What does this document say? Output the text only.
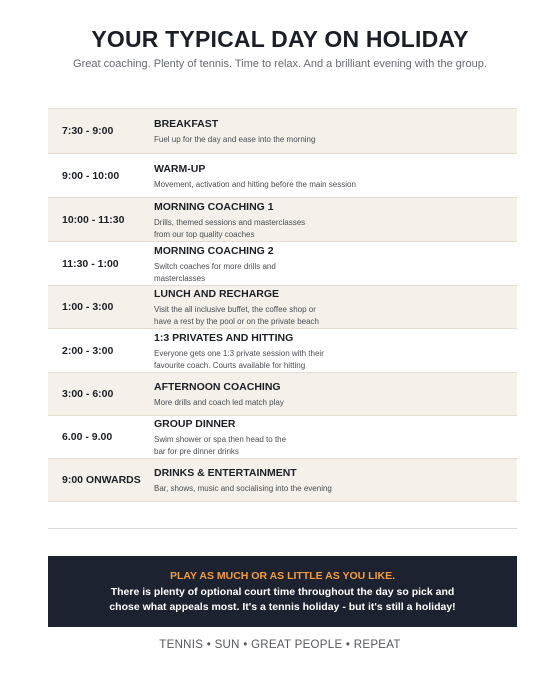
YOUR TYPICAL DAY ON HOLIDAY
Great coaching. Plenty of tennis. Time to relax. And a brilliant evening with the group.
7:30 - 9:00
BREAKFAST
Fuel up for the day and ease into the morning
9:00 - 10:00
WARM-UP
Movement, activation and hitting before the main session
10:00 - 11:30
MORNING COACHING 1
Drills, themed sessions and masterclasses
from our top quality coaches
11:30 - 1:00
MORNING COACHING 2
Switch coaches for more drills and
masterclasses
1:00 - 3:00
LUNCH AND RECHARGE
Visit the all inclusive buffet, the coffee shop or
have a rest by the pool or on the private beach
2:00 - 3:00
1:3 PRIVATES AND HITTING
Everyone gets one 1:3 private session with their
favourite coach. Courts available for hitting
3:00 - 6:00
AFTERNOON COACHING
More drills and coach led match play
6.00 - 9.00
GROUP DINNER
Swim shower or spa then head to the
bar for pre dinner drinks
9:00 ONWARDS
DRINKS & ENTERTAINMENT
Bar, shows, music and socialising into the evening
PLAY AS MUCH OR AS LITTLE AS YOU LIKE.
There is plenty of optional court time throughout the day so pick and
chose what appeals most. It's a tennis holiday - but it's still a holiday!
TENNIS • SUN • GREAT PEOPLE • REPEAT
